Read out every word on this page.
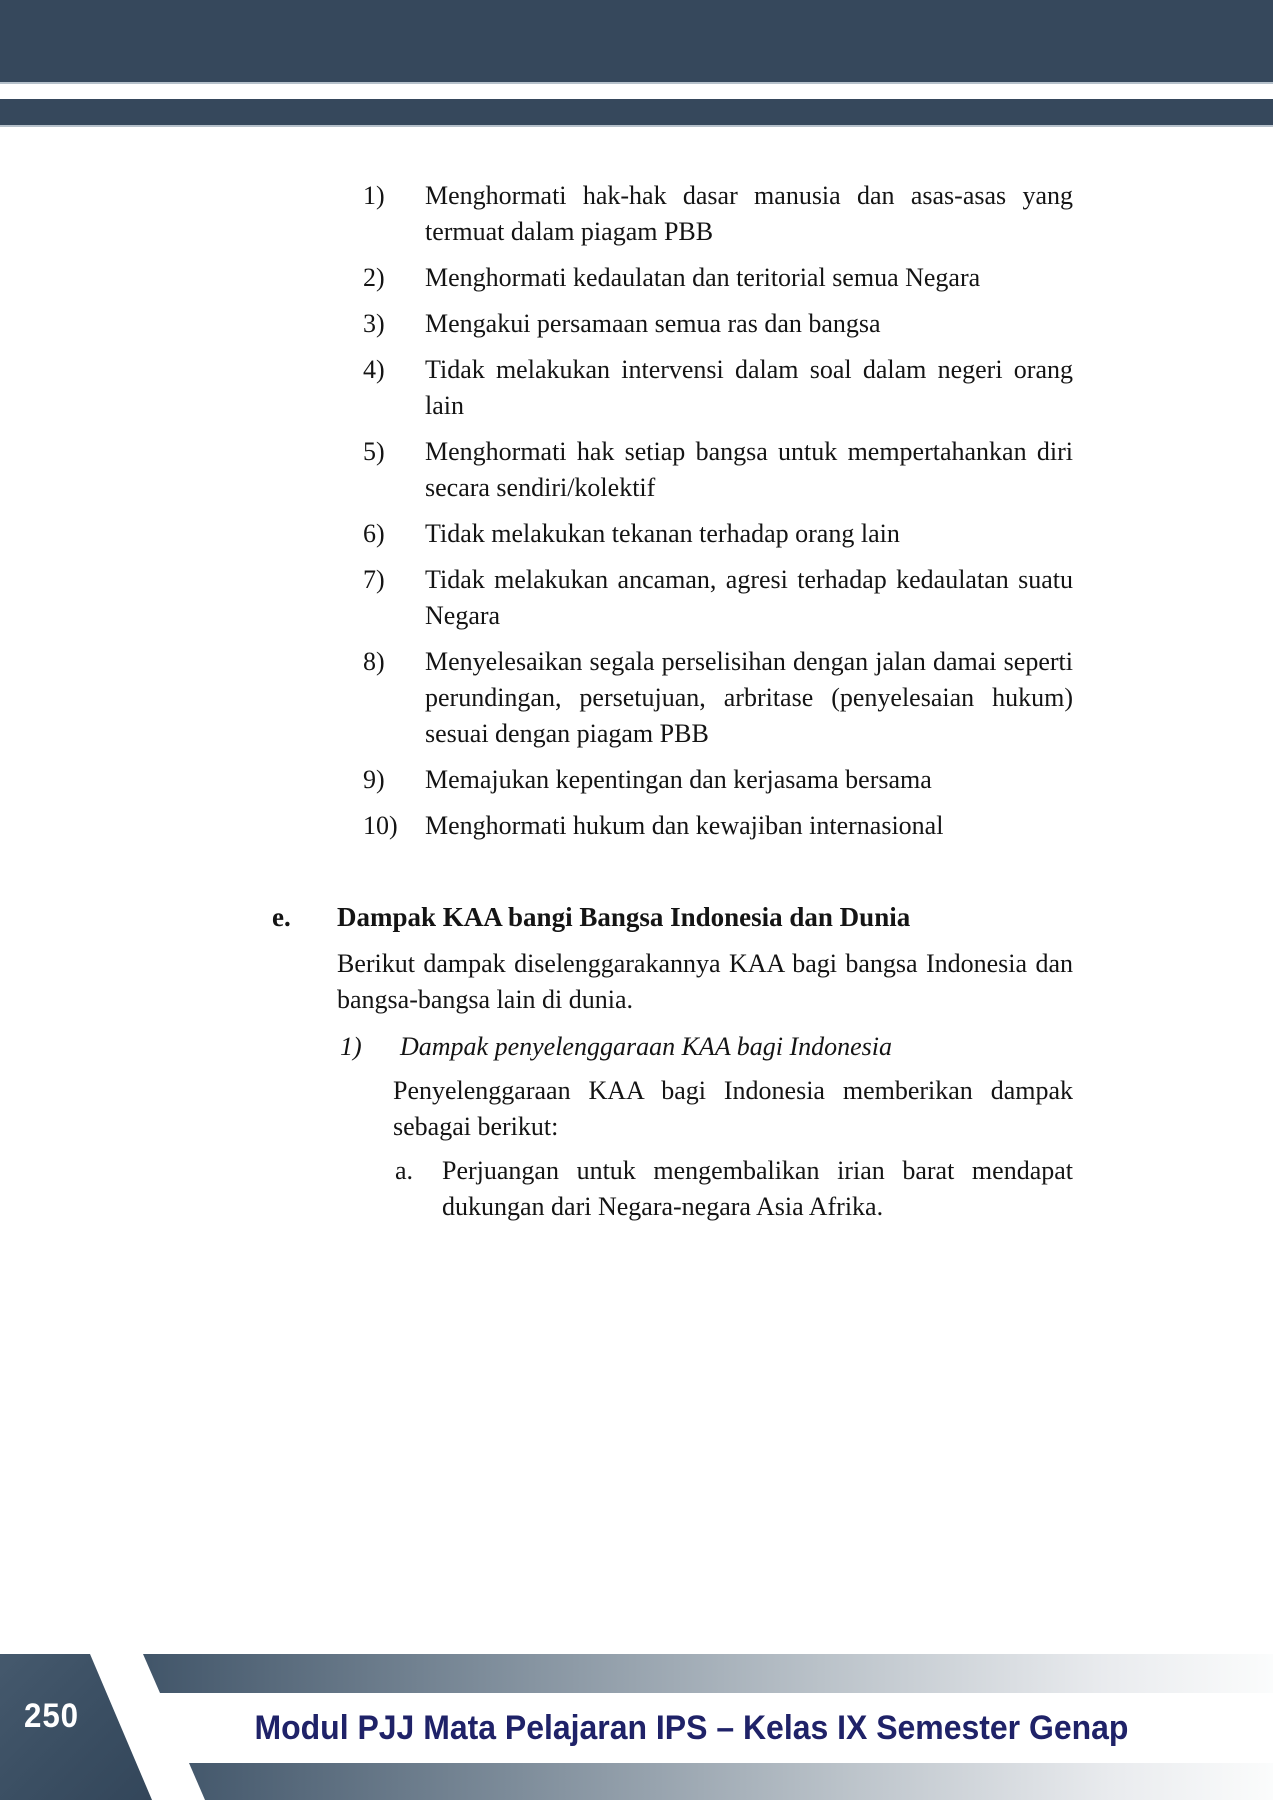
1)	Menghormati hak-hak dasar manusia dan asas-asas yang termuat dalam piagam PBB
2)	Menghormati kedaulatan dan teritorial semua Negara
3)	Mengakui persamaan semua ras dan bangsa
4)	Tidak melakukan intervensi dalam soal dalam negeri orang lain
5)	Menghormati hak setiap bangsa untuk mempertahankan diri secara sendiri/kolektif
6)	Tidak melakukan tekanan terhadap orang lain
7)	Tidak melakukan ancaman, agresi terhadap kedaulatan suatu Negara
8)	Menyelesaikan segala perselisihan dengan jalan damai seperti perundingan, persetujuan, arbritase (penyelesaian hukum) sesuai dengan piagam PBB
9)	Memajukan kepentingan dan kerjasama bersama
10)	Menghormati hukum dan kewajiban internasional
e.	Dampak KAA bangi Bangsa Indonesia dan Dunia
Berikut dampak diselenggarakannya KAA bagi bangsa Indonesia dan bangsa-bangsa lain di dunia.
1)	Dampak penyelenggaraan KAA bagi Indonesia
Penyelenggaraan KAA bagi Indonesia memberikan dampak sebagai berikut:
a.	Perjuangan untuk mengembalikan irian barat mendapat dukungan dari Negara-negara Asia Afrika.
250	Modul PJJ Mata Pelajaran IPS – Kelas IX Semester Genap
